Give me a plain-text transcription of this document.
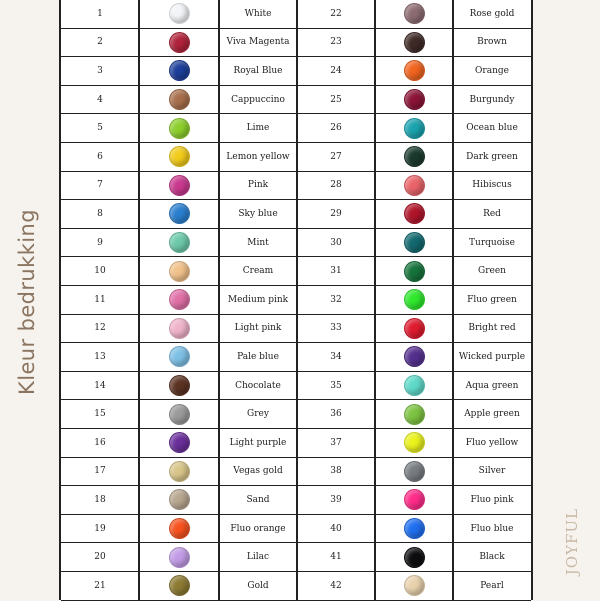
Kleur bedrukking
1	White	22	Rose gold
2	Viva Magenta	23	Brown
3	Royal Blue	24	Orange
4	Cappuccino	25	Burgundy
5	Lime	26	Ocean blue
6	Lemon yellow	27	Dark green
7	Pink	28	Hibiscus
8	Sky blue	29	Red
9	Mint	30	Turquoise
10	Cream	31	Green
11	Medium pink	32	Fluo green
12	Light pink	33	Bright red
13	Pale blue	34	Wicked purple
14	Chocolate	35	Aqua green
15	Grey	36	Apple green
16	Light purple	37	Fluo yellow
17	Vegas gold	38	Silver
18	Sand	39	Fluo pink
19	Fluo orange	40	Fluo blue
20	Lilac	41	Black
21	Gold	42	Pearl
JOYFUL
